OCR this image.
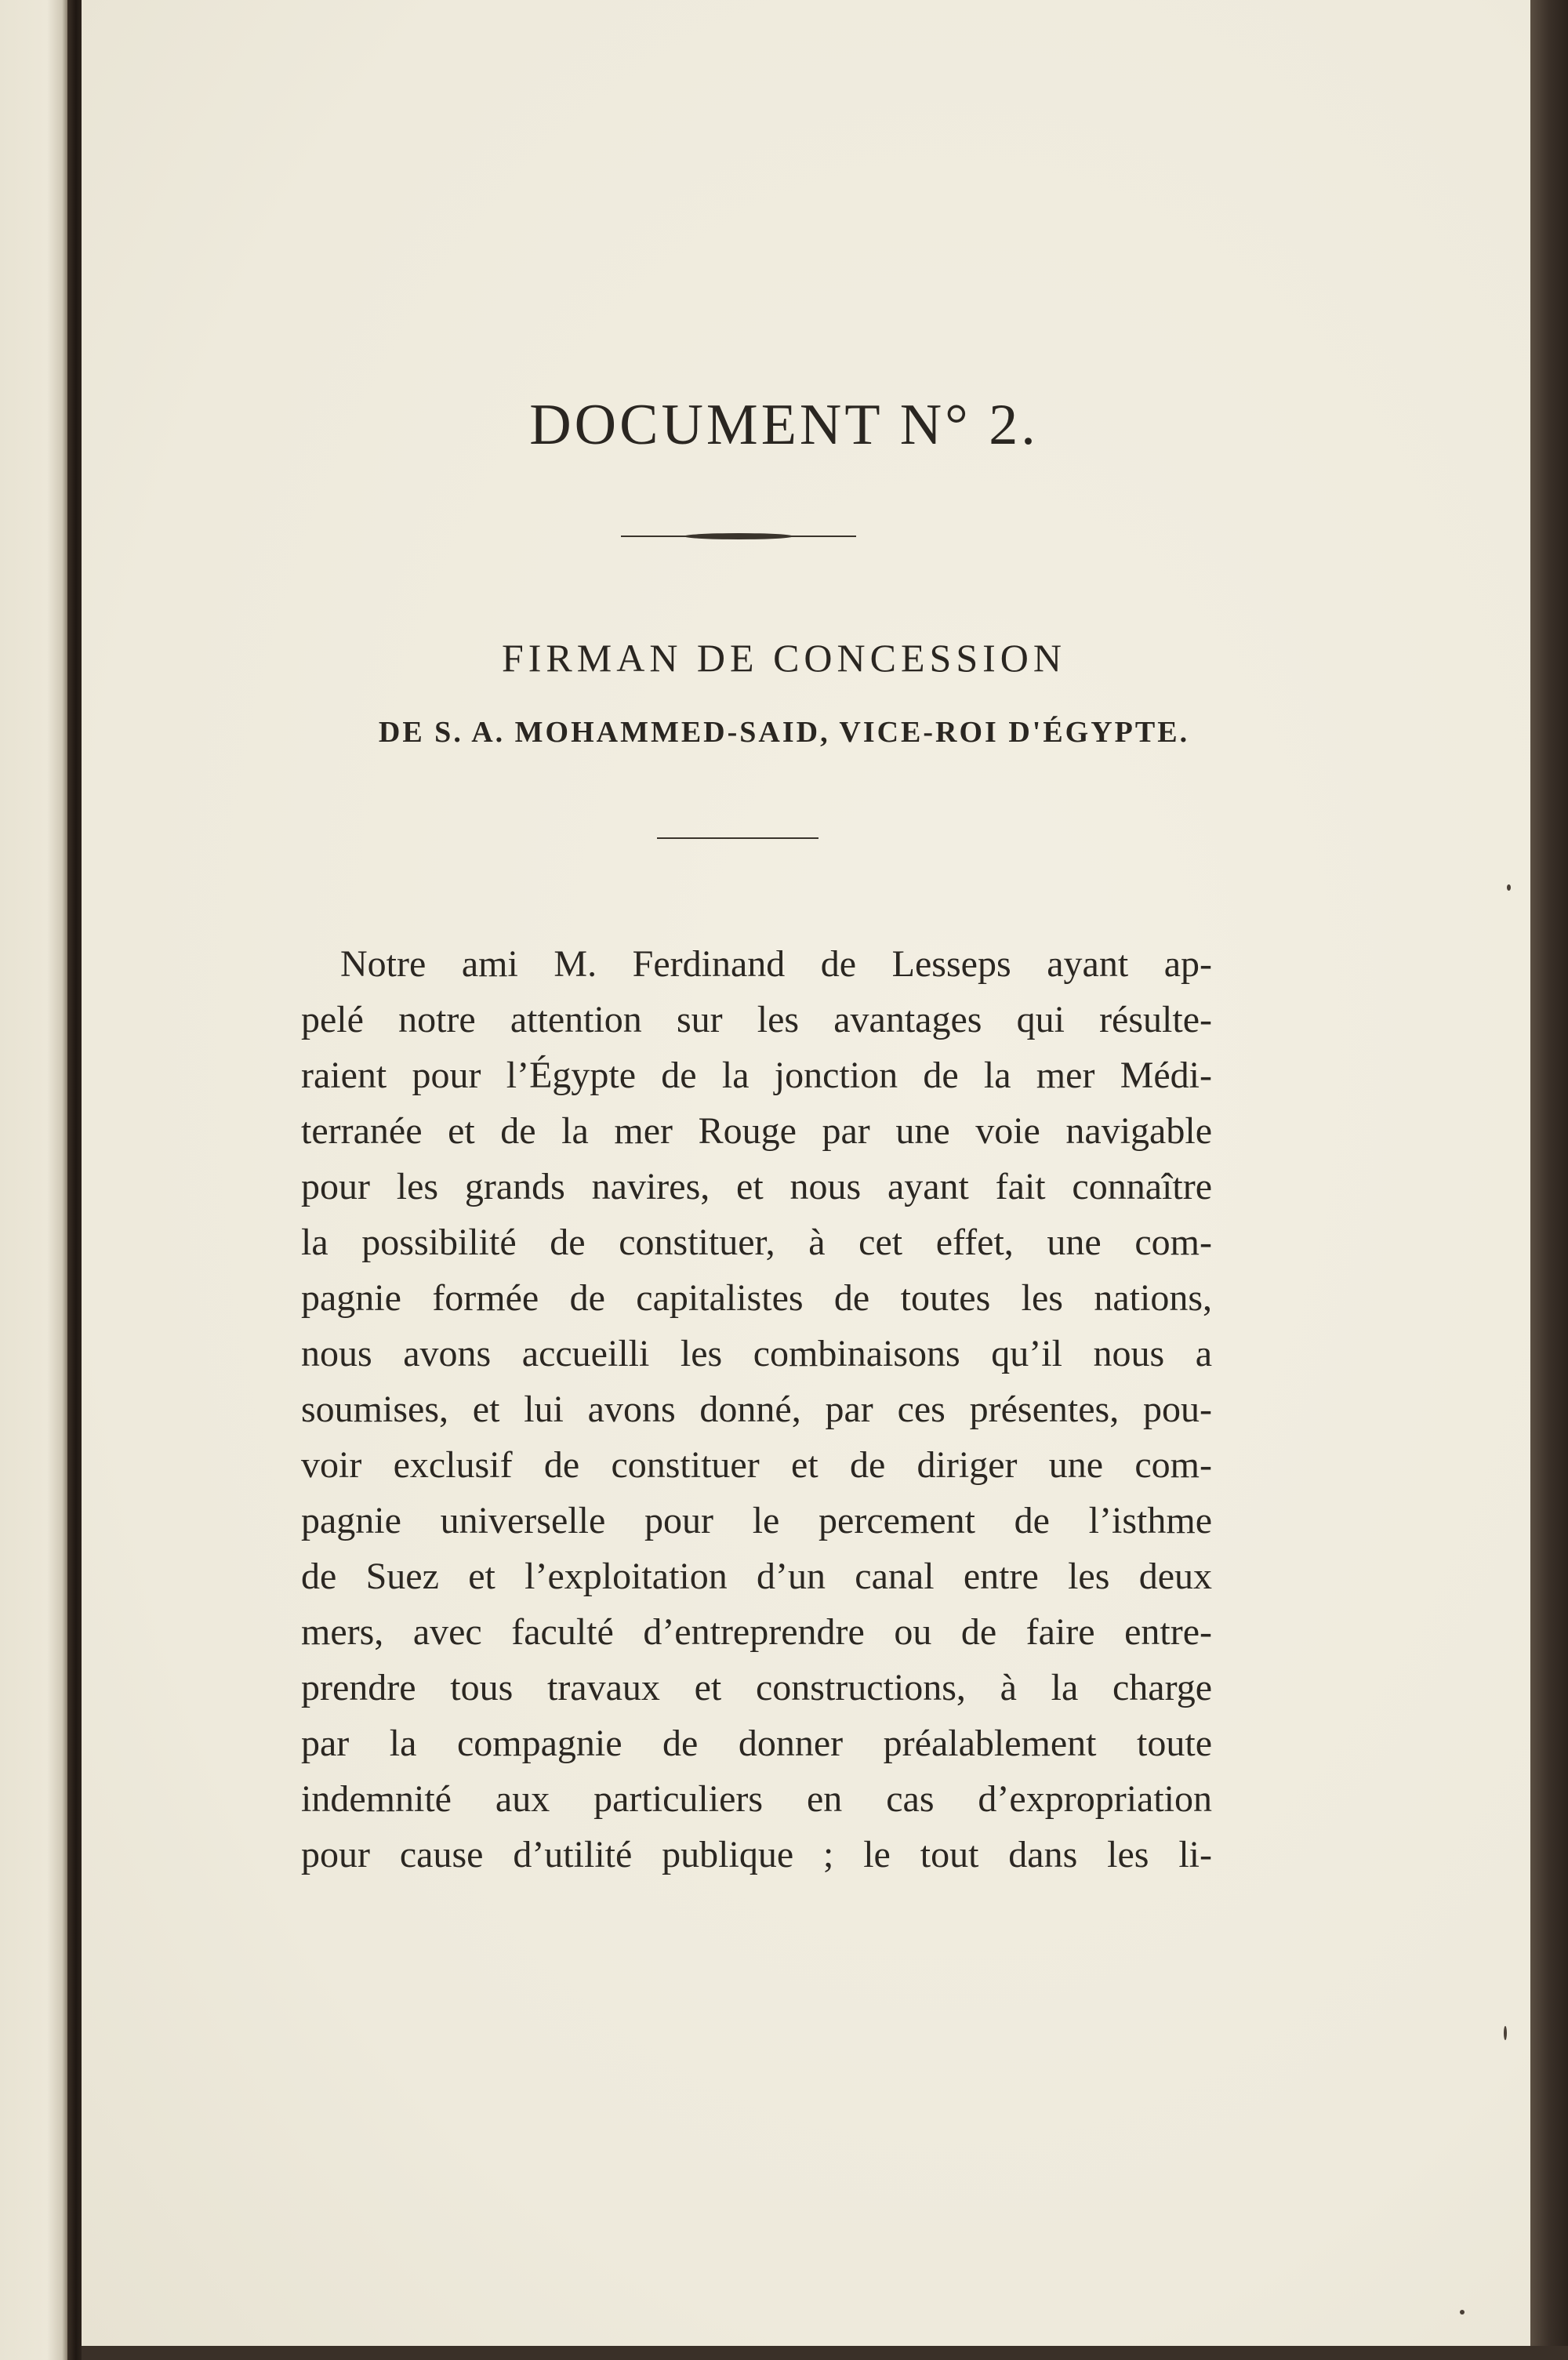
DOCUMENT N° 2.
FIRMAN DE CONCESSION
DE S. A. MOHAMMED-SAID, VICE-ROI D'ÉGYPTE.
Notre ami M. Ferdinand de Lesseps ayant ap-
pelé notre attention sur les avantages qui résulte-
raient pour l’Égypte de la jonction de la mer Médi-
terranée et de la mer Rouge par une voie navigable
pour les grands navires, et nous ayant fait connaître
la possibilité de constituer, à cet effet, une com-
pagnie formée de capitalistes de toutes les nations,
nous avons accueilli les combinaisons qu’il nous a
soumises, et lui avons donné, par ces présentes, pou-
voir exclusif de constituer et de diriger une com-
pagnie universelle pour le percement de l’isthme
de Suez et l’exploitation d’un canal entre les deux
mers, avec faculté d’entreprendre ou de faire entre-
prendre tous travaux et constructions, à la charge
par la compagnie de donner préalablement toute
indemnité aux particuliers en cas d’expropriation
pour cause d’utilité publique ; le tout dans les li-
